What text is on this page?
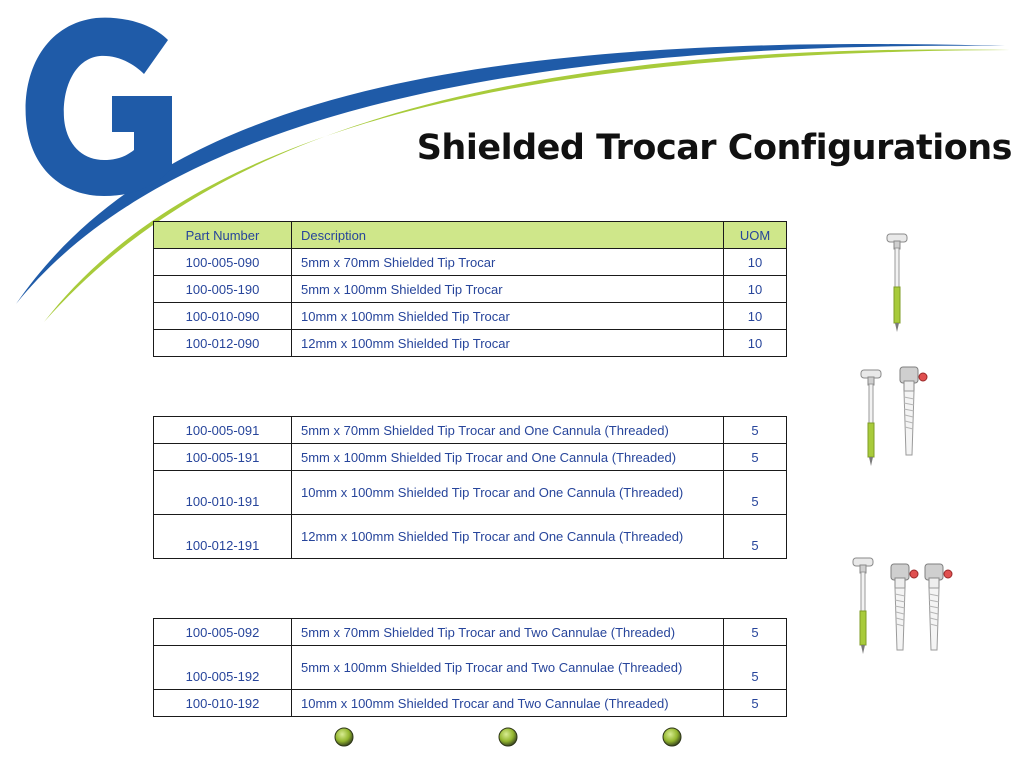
Shielded Trocar Configurations
Part Number	Description	UOM
100-005-090	5mm x 70mm Shielded Tip Trocar	10
100-005-190	5mm x 100mm Shielded Tip Trocar	10
100-010-090	10mm x 100mm Shielded Tip Trocar	10
100-012-090	12mm x 100mm Shielded Tip Trocar	10
100-005-091	5mm x 70mm Shielded Tip Trocar and One Cannula (Threaded)	5
100-005-191	5mm x 100mm Shielded Tip Trocar and One Cannula (Threaded)	5
100-010-191	10mm x 100mm Shielded Tip Trocar and One Cannula (Threaded)	5
100-012-191	12mm x 100mm Shielded Tip Trocar and One Cannula (Threaded)	5
100-005-092	5mm x 70mm Shielded Tip Trocar and Two Cannulae (Threaded)	5
100-005-192	5mm x 100mm Shielded Tip Trocar and Two Cannulae (Threaded)	5
100-010-192	10mm x 100mm Shielded Trocar and Two Cannulae (Threaded)	5
